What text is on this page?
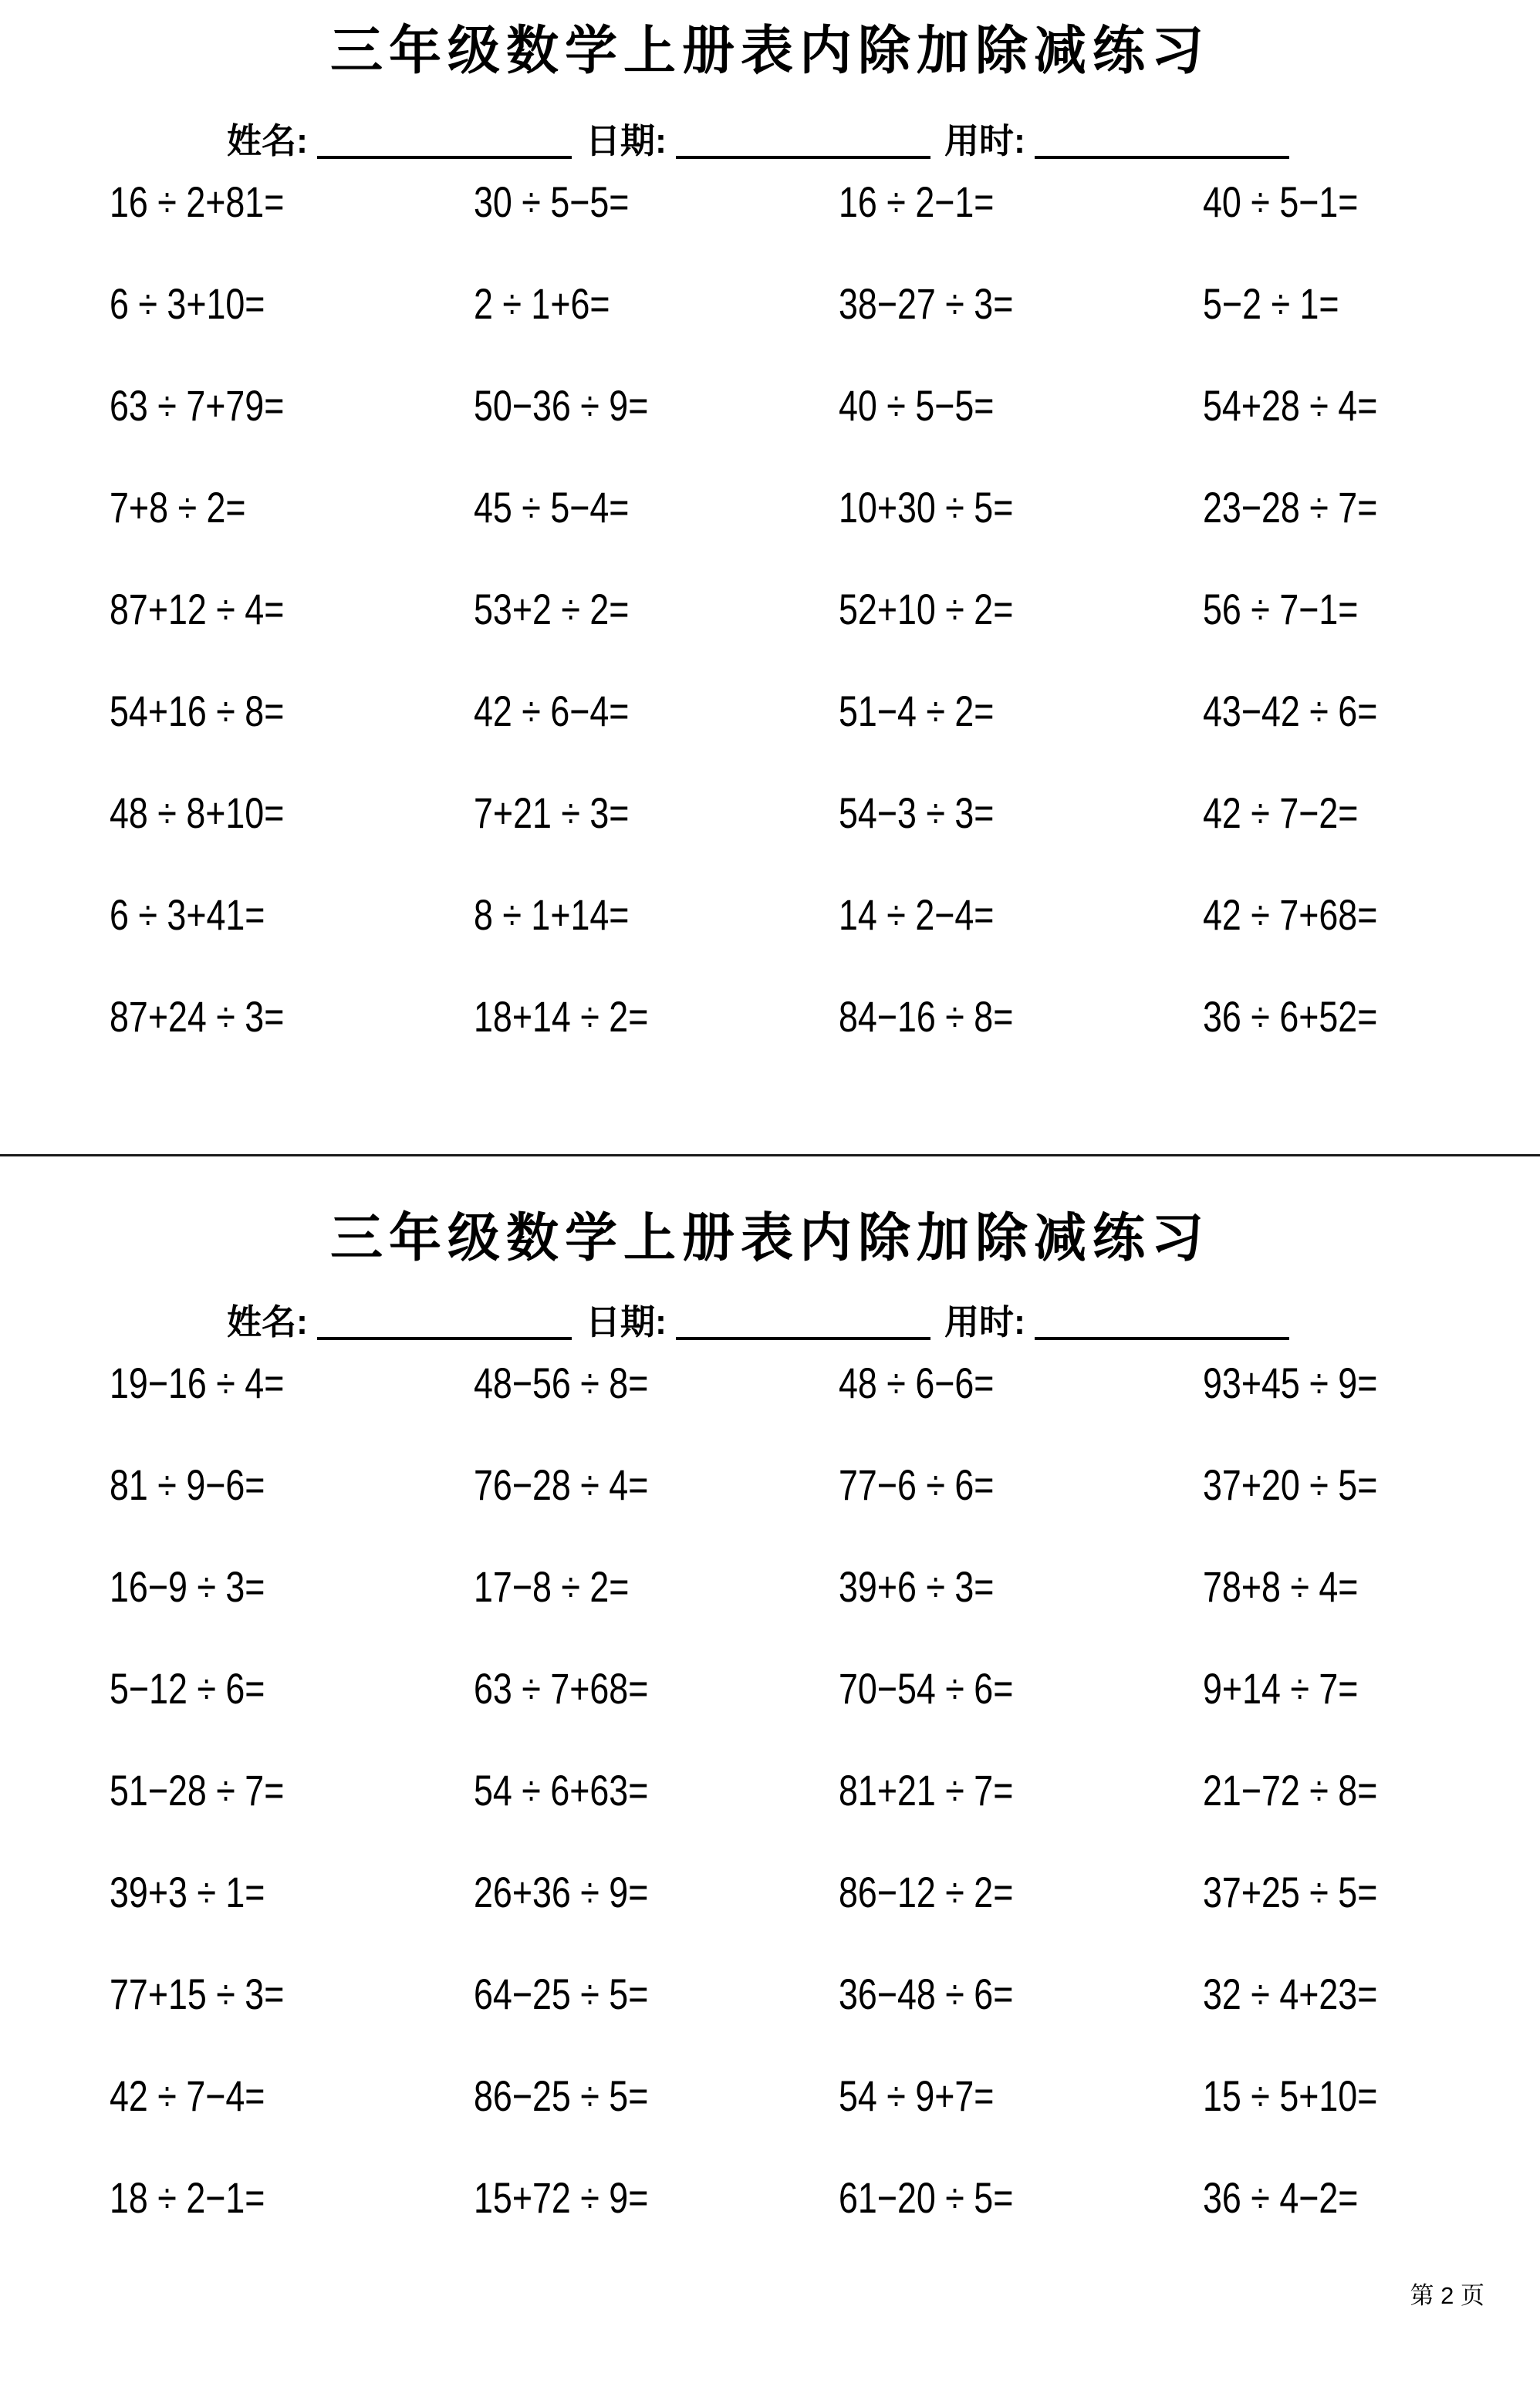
三年级数学上册表内除加除减练习
姓名:	日期:	用时:
16 ÷ 2+81=	30 ÷ 5−5=	16 ÷ 2−1=	40 ÷ 5−1=
6 ÷ 3+10=	2 ÷ 1+6=	38−27 ÷ 3=	5−2 ÷ 1=
63 ÷ 7+79=	50−36 ÷ 9=	40 ÷ 5−5=	54+28 ÷ 4=
7+8 ÷ 2=	45 ÷ 5−4=	10+30 ÷ 5=	23−28 ÷ 7=
87+12 ÷ 4=	53+2 ÷ 2=	52+10 ÷ 2=	56 ÷ 7−1=
54+16 ÷ 8=	42 ÷ 6−4=	51−4 ÷ 2=	43−42 ÷ 6=
48 ÷ 8+10=	7+21 ÷ 3=	54−3 ÷ 3=	42 ÷ 7−2=
6 ÷ 3+41=	8 ÷ 1+14=	14 ÷ 2−4=	42 ÷ 7+68=
87+24 ÷ 3=	18+14 ÷ 2=	84−16 ÷ 8=	36 ÷ 6+52=
三年级数学上册表内除加除减练习
姓名:	日期:	用时:
19−16 ÷ 4=	48−56 ÷ 8=	48 ÷ 6−6=	93+45 ÷ 9=
81 ÷ 9−6=	76−28 ÷ 4=	77−6 ÷ 6=	37+20 ÷ 5=
16−9 ÷ 3=	17−8 ÷ 2=	39+6 ÷ 3=	78+8 ÷ 4=
5−12 ÷ 6=	63 ÷ 7+68=	70−54 ÷ 6=	9+14 ÷ 7=
51−28 ÷ 7=	54 ÷ 6+63=	81+21 ÷ 7=	21−72 ÷ 8=
39+3 ÷ 1=	26+36 ÷ 9=	86−12 ÷ 2=	37+25 ÷ 5=
77+15 ÷ 3=	64−25 ÷ 5=	36−48 ÷ 6=	32 ÷ 4+23=
42 ÷ 7−4=	86−25 ÷ 5=	54 ÷ 9+7=	15 ÷ 5+10=
18 ÷ 2−1=	15+72 ÷ 9=	61−20 ÷ 5=	36 ÷ 4−2=
第 2 页
